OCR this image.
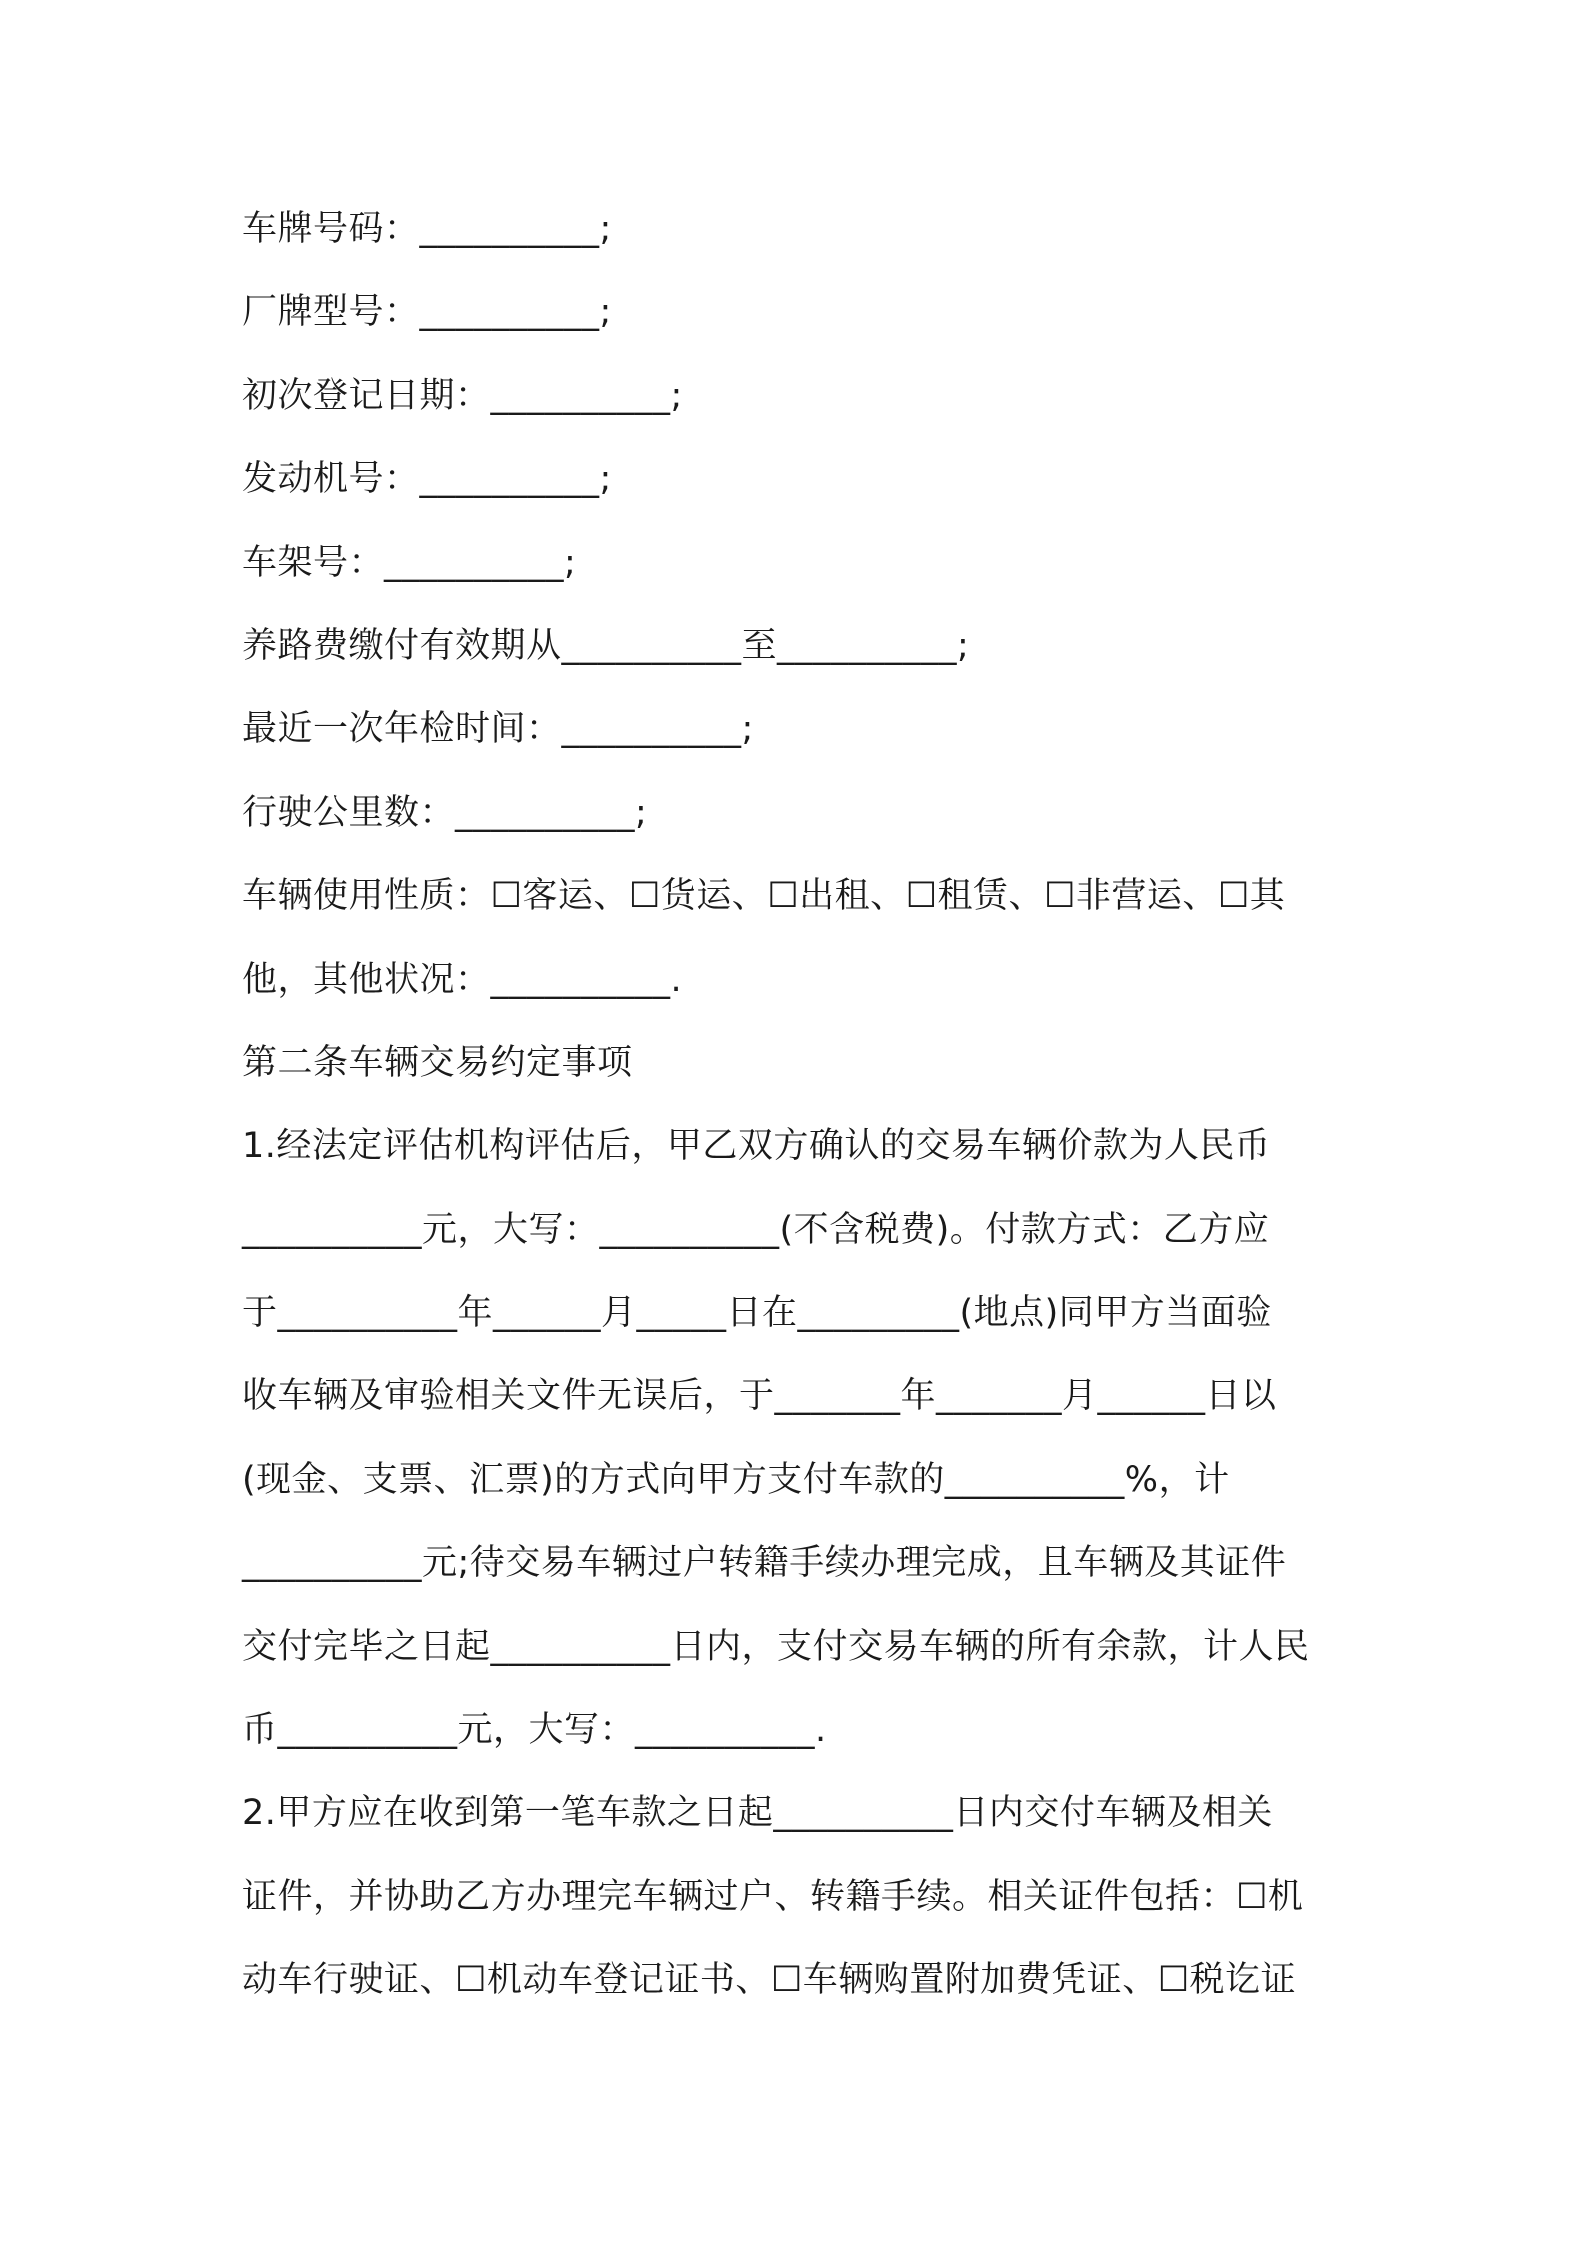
车牌号码：__________;
厂牌型号：__________;
初次登记日期：__________;
发动机号：__________;
车架号：__________;
养路费缴付有效期从__________至__________;
最近一次年检时间：__________;
行驶公里数：__________;
车辆使用性质：☐客运、☐货运、☐出租、☐租赁、☐非营运、☐其
他，其他状况：__________.
第二条车辆交易约定事项
1.经法定评估机构评估后，甲乙双方确认的交易车辆价款为人民币
__________元，大写：__________(不含税费)。付款方式：乙方应
于__________年______月_____日在_________(地点)同甲方当面验
收车辆及审验相关文件无误后，于_______年_______月______日以
(现金、支票、汇票)的方式向甲方支付车款的__________%，计
__________元;待交易车辆过户转籍手续办理完成，且车辆及其证件
交付完毕之日起__________日内，支付交易车辆的所有余款，计人民
币__________元，大写：__________.
2.甲方应在收到第一笔车款之日起__________日内交付车辆及相关
证件，并协助乙方办理完车辆过户、转籍手续。相关证件包括：☐机
动车行驶证、☐机动车登记证书、☐车辆购置附加费凭证、☐税讫证
